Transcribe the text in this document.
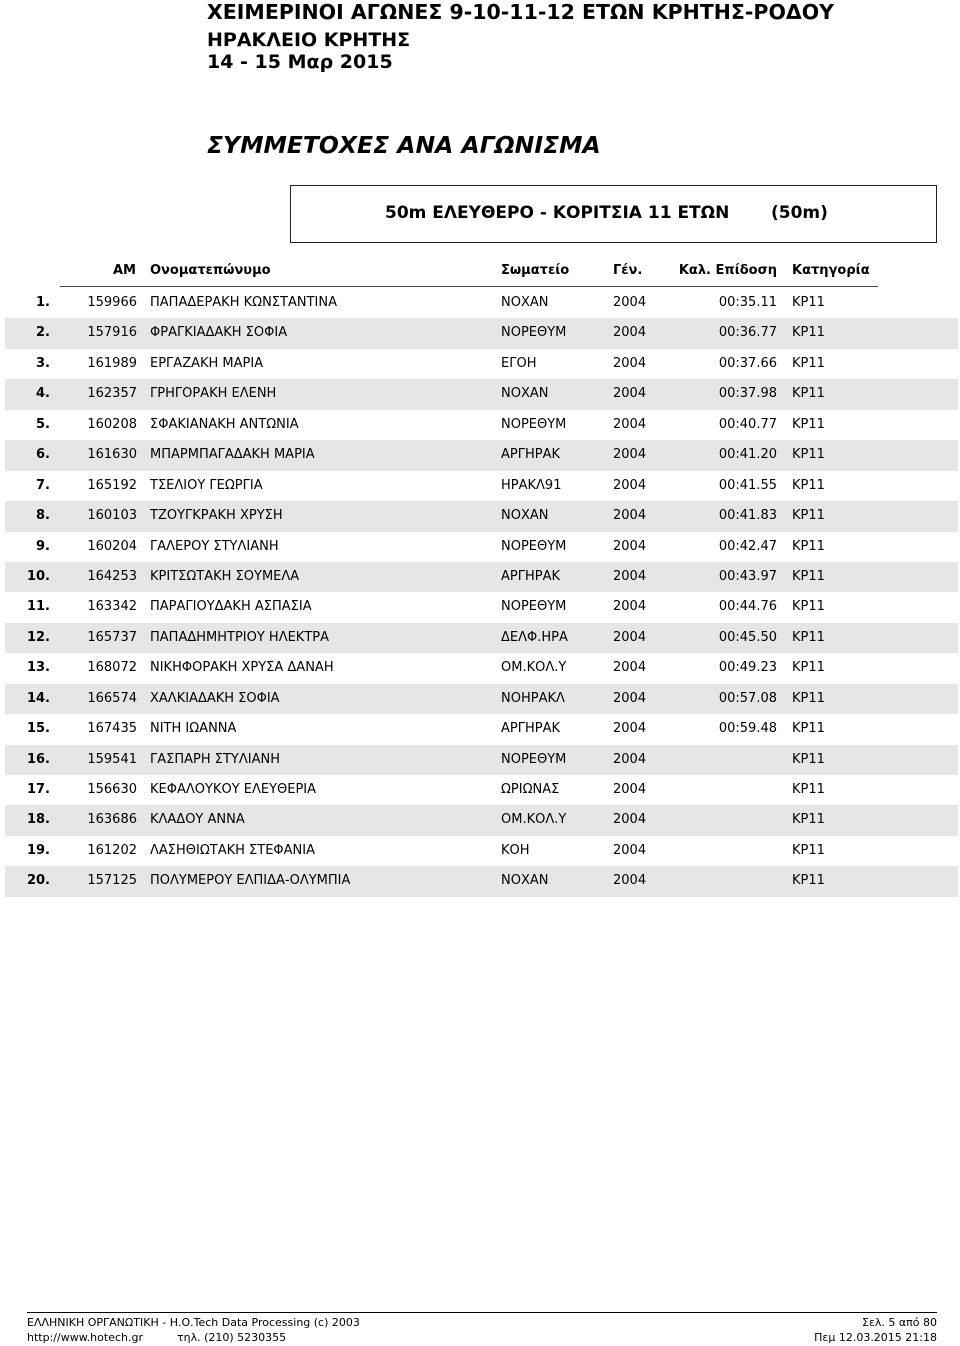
ΧΕΙΜΕΡΙΝΟΙ ΑΓΩΝΕΣ 9-10-11-12 ΕΤΩΝ ΚΡΗΤΗΣ-ΡΟΔΟΥ
ΗΡΑΚΛΕΙΟ ΚΡΗΤΗΣ
14 - 15 Μαρ 2015
ΣΥΜΜΕΤΟΧΕΣ ΑΝΑ ΑΓΩΝΙΣΜΑ
50m ΕΛΕΥΘΕΡΟ - ΚΟΡΙΤΣΙΑ 11 ΕΤΩΝ (50m)
ΑΜ Ονοματεπώνυμο	Σωματείο	Γέν.	Καλ. Επίδοση Κατηγορία
1.	159966 ΠΑΠΑΔΕΡΑΚΗ ΚΩΝΣΤΑΝΤΙΝΑ	ΝΟΧΑΝ	2004	00:35.11 ΚΡ11
2.	157916 ΦΡΑΓΚΙΑΔΑΚΗ ΣΟΦΙΑ	ΝΟΡΕΘΥΜ	2004	00:36.77 ΚΡ11
3.	161989 ΕΡΓΑΖΑΚΗ ΜΑΡΙΑ	ΕΓΟΗ	2004	00:37.66 ΚΡ11
4.	162357 ΓΡΗΓΟΡΑΚΗ ΕΛΕΝΗ	ΝΟΧΑΝ	2004	00:37.98 ΚΡ11
5.	160208 ΣΦΑΚΙΑΝΑΚΗ ΑΝΤΩΝΙΑ	ΝΟΡΕΘΥΜ	2004	00:40.77 ΚΡ11
6.	161630 ΜΠΑΡΜΠΑΓΑΔΑΚΗ ΜΑΡΙΑ	ΑΡΓΗΡΑΚ	2004	00:41.20 ΚΡ11
7.	165192 ΤΣΕΛΙΟΥ ΓΕΩΡΓΙΑ	ΗΡΑΚΛ91	2004	00:41.55 ΚΡ11
8.	160103 ΤΖΟΥΓΚΡΑΚΗ ΧΡΥΣΗ	ΝΟΧΑΝ	2004	00:41.83 ΚΡ11
9.	160204 ΓΑΛΕΡΟΥ ΣΤΥΛΙΑΝΗ	ΝΟΡΕΘΥΜ	2004	00:42.47 ΚΡ11
10.	164253 ΚΡΙΤΣΩΤΑΚΗ ΣΟΥΜΕΛΑ	ΑΡΓΗΡΑΚ	2004	00:43.97 ΚΡ11
11.	163342 ΠΑΡΑΓΙΟΥΔΑΚΗ ΑΣΠΑΣΙΑ	ΝΟΡΕΘΥΜ	2004	00:44.76 ΚΡ11
12.	165737 ΠΑΠΑΔΗΜΗΤΡΙΟΥ ΗΛΕΚΤΡΑ	ΔΕΛΦ.ΗΡΑ	2004	00:45.50 ΚΡ11
13.	168072 ΝΙΚΗΦΟΡΑΚΗ ΧΡΥΣΑ ΔΑΝΑΗ	ΟΜ.ΚΟΛ.Υ	2004	00:49.23 ΚΡ11
14.	166574 ΧΑΛΚΙΑΔΑΚΗ ΣΟΦΙΑ	ΝΟΗΡΑΚΛ	2004	00:57.08 ΚΡ11
15.	167435 ΝΙΤΗ ΙΩΑΝΝΑ	ΑΡΓΗΡΑΚ	2004	00:59.48 ΚΡ11
16.	159541 ΓΑΣΠΑΡΗ ΣΤΥΛΙΑΝΗ	ΝΟΡΕΘΥΜ	2004	ΚΡ11
17.	156630 ΚΕΦΑΛΟΥΚΟΥ ΕΛΕΥΘΕΡΙΑ	ΩΡΙΩΝΑΣ	2004	ΚΡ11
18.	163686 ΚΛΑΔΟΥ ΑΝΝΑ	ΟΜ.ΚΟΛ.Υ	2004	ΚΡ11
19.	161202 ΛΑΣΗΘΙΩΤΑΚΗ ΣΤΕΦΑΝΙΑ	ΚΟΗ	2004	ΚΡ11
20.	157125 ΠΟΛΥΜΕΡΟΥ ΕΛΠΙΔΑ-ΟΛΥΜΠΙΑ	ΝΟΧΑΝ	2004	ΚΡ11
ΕΛΛΗΝΙΚΗ ΟΡΓΑΝΩΤΙΚΗ - Η.Ο.Tech Data Processing (c) 2003
http://www.hotech.gr	τηλ. (210) 5230355
Σελ. 5 από 80
Πεμ 12.03.2015 21:18
